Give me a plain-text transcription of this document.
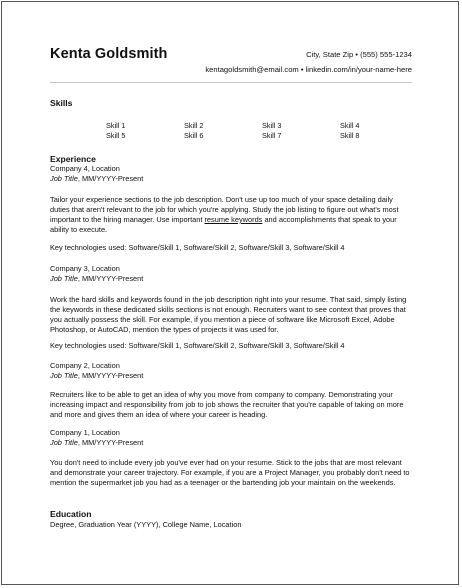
Kenta Goldsmith	City, State Zip • (555) 555-1234
kentagoldsmith@email.com • linkedin.com/in/your-name-here
Skills
Skill 1	Skill 2	Skill 3	Skill 4
Skill 5	Skill 6	Skill 7	Skill 8
Experience

Company 4, Location

Job Title, MM/YYYY-Present

Tailor your experience sections to the job description. Don't use up too much of your space detailing daily duties that aren't relevant to the job for which you're applying. Study the job listing to figure out what's most important to the hiring manager. Use important resume keywords and accomplishments that speak to your ability to execute.

Key technologies used: Software/Skill 1, Software/Skill 2, Software/Skill 3, Software/Skill 4

Company 3, Location

Job Title, MM/YYYY-Present

Work the hard skills and keywords found in the job description right into your resume. That said, simply listing the keywords in these dedicated skills sections is not enough. Recruiters want to see context that proves that you actually possess the skill. For example, if you mention a piece of software like Microsoft Excel, Adobe Photoshop, or AutoCAD, mention the types of projects it was used for.

Key technologies used: Software/Skill 1, Software/Skill 2, Software/Skill 3, Software/Skill 4

Company 2, Location

Job Title, MM/YYYY-Present

Recruiters like to be able to get an idea of why you move from company to company. Demonstrating your increasing impact and responsibility from job to job shows the recruiter that you're capable of taking on more and more and gives them an idea of where your career is heading.

Company 1, Location

Job Title, MM/YYYY-Present

You don't need to include every job you've ever had on your resume. Stick to the jobs that are most relevant and demonstrate your career trajectory. For example, if you are a Project Manager, you probably don't need to mention the supermarket job you had as a teenager or the bartending job your maintain on the weekends.

Education
Degree, Graduation Year (YYYY), College Name, Location
